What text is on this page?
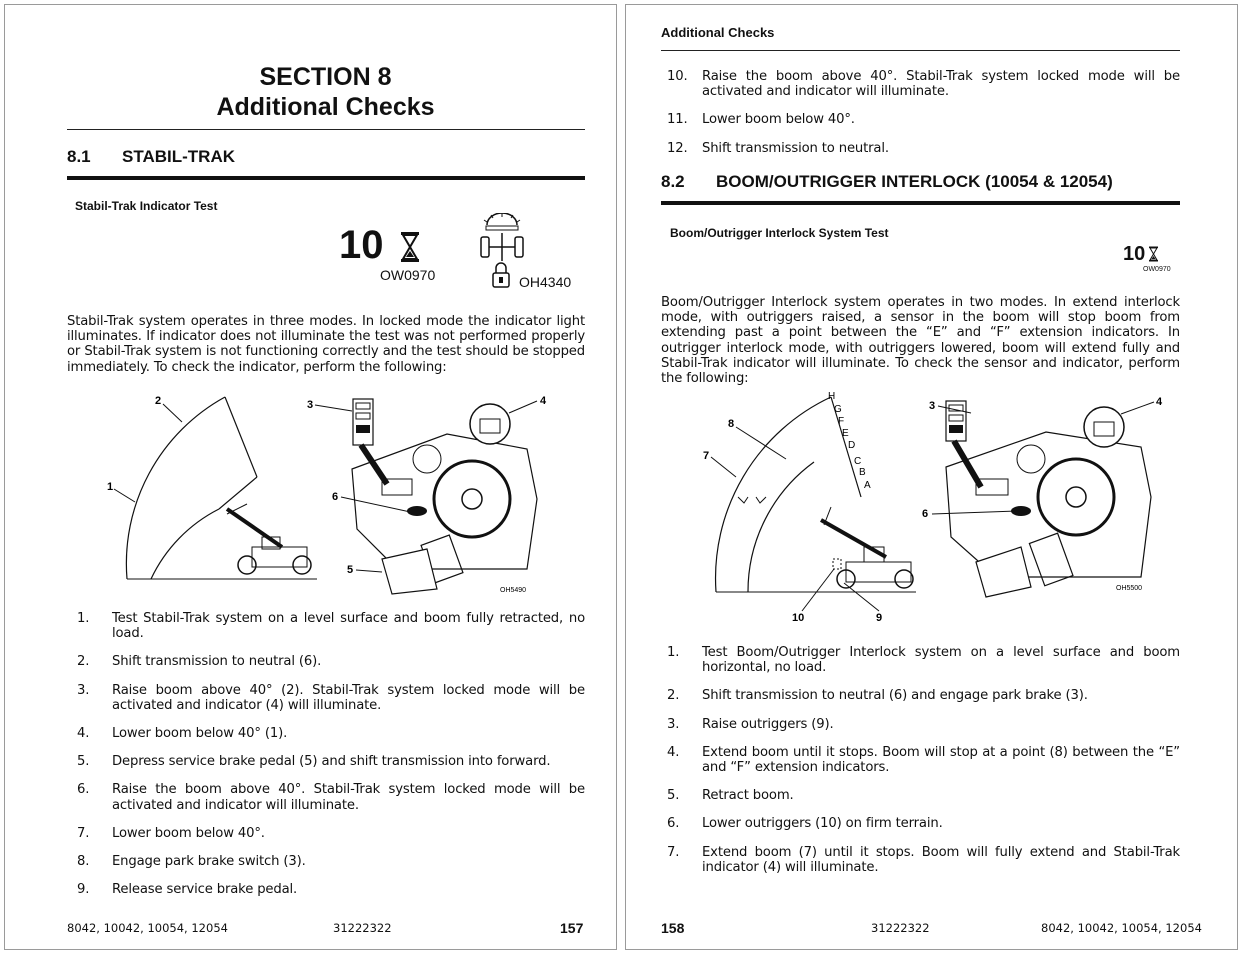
SECTION 8
Additional Checks
8.1 STABIL-TRAK
Stabil-Trak Indicator Test
10
OW0970	OH4340
Stabil-Trak system operates in three modes. In locked mode the indicator light illuminates. If indicator does not illuminate the test was not performed properly or Stabil-Trak system is not functioning correctly and the test should be stopped immediately. To check the indicator, perform the following:
1
2	3	4
5
6
OH5490
1. Test Stabil-Trak system on a level surface and boom fully retracted, no load.
2. Shift transmission to neutral (6).
3. Raise boom above 40° (2). Stabil-Trak system locked mode will be activated and indicator (4) will illuminate.
4. Lower boom below 40° (1).
5. Depress service brake pedal (5) and shift transmission into forward.
6. Raise the boom above 40°. Stabil-Trak system locked mode will be activated and indicator will illuminate.
7. Lower boom below 40°.
8. Engage park brake switch (3).
9. Release service brake pedal.
8042, 10042, 10054, 12054	31222322	157
Additional Checks
10. Raise the boom above 40°. Stabil-Trak system locked mode will be activated and indicator will illuminate.
11. Lower boom below 40°.
12. Shift transmission to neutral.
8.2 BOOM/OUTRIGGER INTERLOCK (10054 & 12054)
Boom/Outrigger Interlock System Test
10
OW0970
Boom/Outrigger Interlock system operates in two modes. In extend interlock mode, with outriggers raised, a sensor in the boom will stop boom from extending past a point between the “E” and “F” extension indicators. In outrigger interlock mode, with outriggers lowered, boom will extend fully and Stabil-Trak indicator will illuminate. To check the sensor and indicator, perform the following:
H
G
F
E
D
C
B
A
3	4
6
7
8
9
10
OH5500
1. Test Boom/Outrigger Interlock system on a level surface and boom horizontal, no load.
2. Shift transmission to neutral (6) and engage park brake (3).
3. Raise outriggers (9).
4. Extend boom until it stops. Boom will stop at a point (8) between the “E” and “F” extension indicators.
5. Retract boom.
6. Lower outriggers (10) on firm terrain.
7. Extend boom (7) until it stops. Boom will fully extend and Stabil-Trak indicator (4) will illuminate.
158	31222322	8042, 10042, 10054, 12054
